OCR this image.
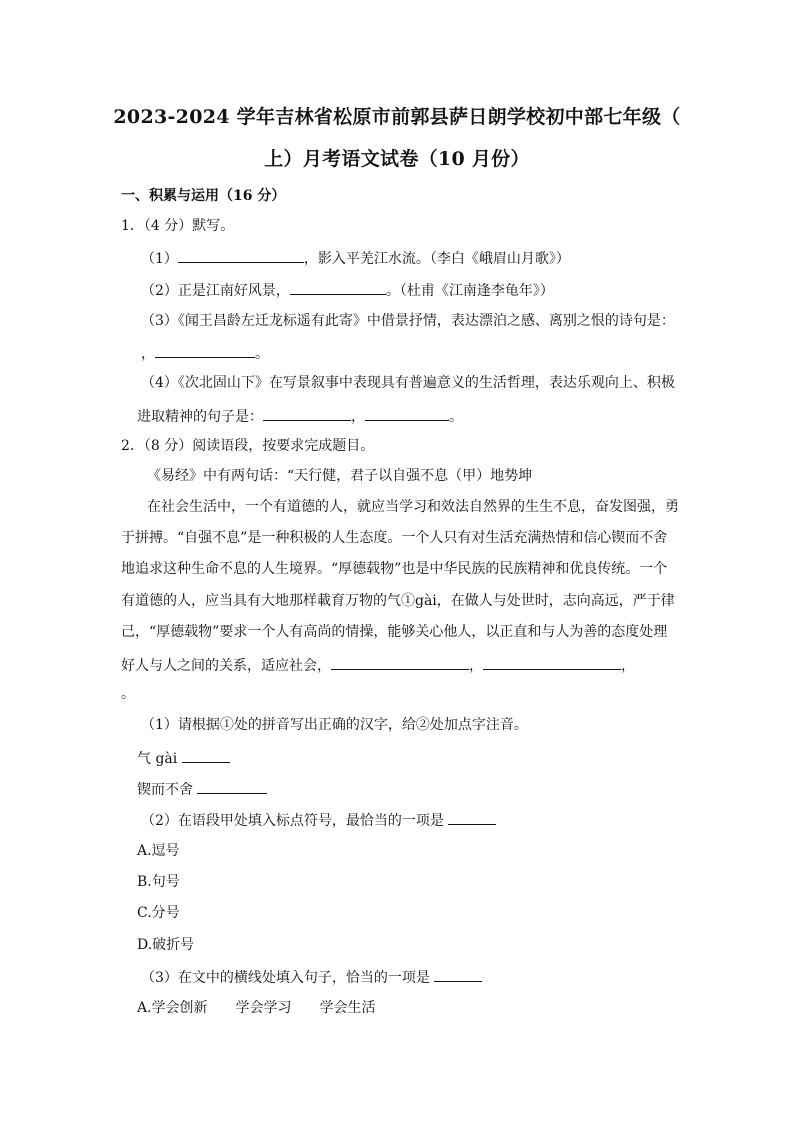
2023-2024 学年吉林省松原市前郭县萨日朗学校初中部七年级（
上）月考语文试卷（10 月份）
一、积累与运用（16 分）
1．（4 分）默写。
（1）	，影入平羌江水流。（李白《峨眉山月歌》）
（2）正是江南好风景，	。（杜甫《江南逢李龟年》）
（3）《闻王昌龄左迁龙标遥有此寄》中借景抒情，表达漂泊之感、离别之恨的诗句是：
，	。
（4）《次北固山下》在写景叙事中表现具有普遍意义的生活哲理，表达乐观向上、积极
进取精神的句子是：	，	。
2．（8 分）阅读语段，按要求完成题目。
《易经》中有两句话：“天行健，君子以自强不息（甲）地势坤
在社会生活中，一个有道德的人，就应当学习和效法自然界的生生不息，奋发图强，勇
于拼搏。“自强不息”是一种积极的人生态度。一个人只有对生活充满热情和信心锲而不舍
地追求这种生命不息的人生境界。“厚德载物”也是中华民族的民族精神和优良传统。一个
有道德的人，应当具有大地那样載育万物的气①gài，在做人与处世时，志向高远，严于律
己，“厚德载物”要求一个人有高尚的情操，能够关心他人，以正直和与人为善的态度处理
好人与人之间的关系，适应社会，	，	，
。
（1）请根据①处的拼音写出正确的汉字，给②处加点字注音。
气 gài
锲而不舍
（2）在语段甲处填入标点符号，最恰当的一项是
A.逗号
B.句号
C.分号
D.破折号
（3）在文中的横线处填入句子，恰当的一项是
A.学会创新　　学会学习　　学会生活
